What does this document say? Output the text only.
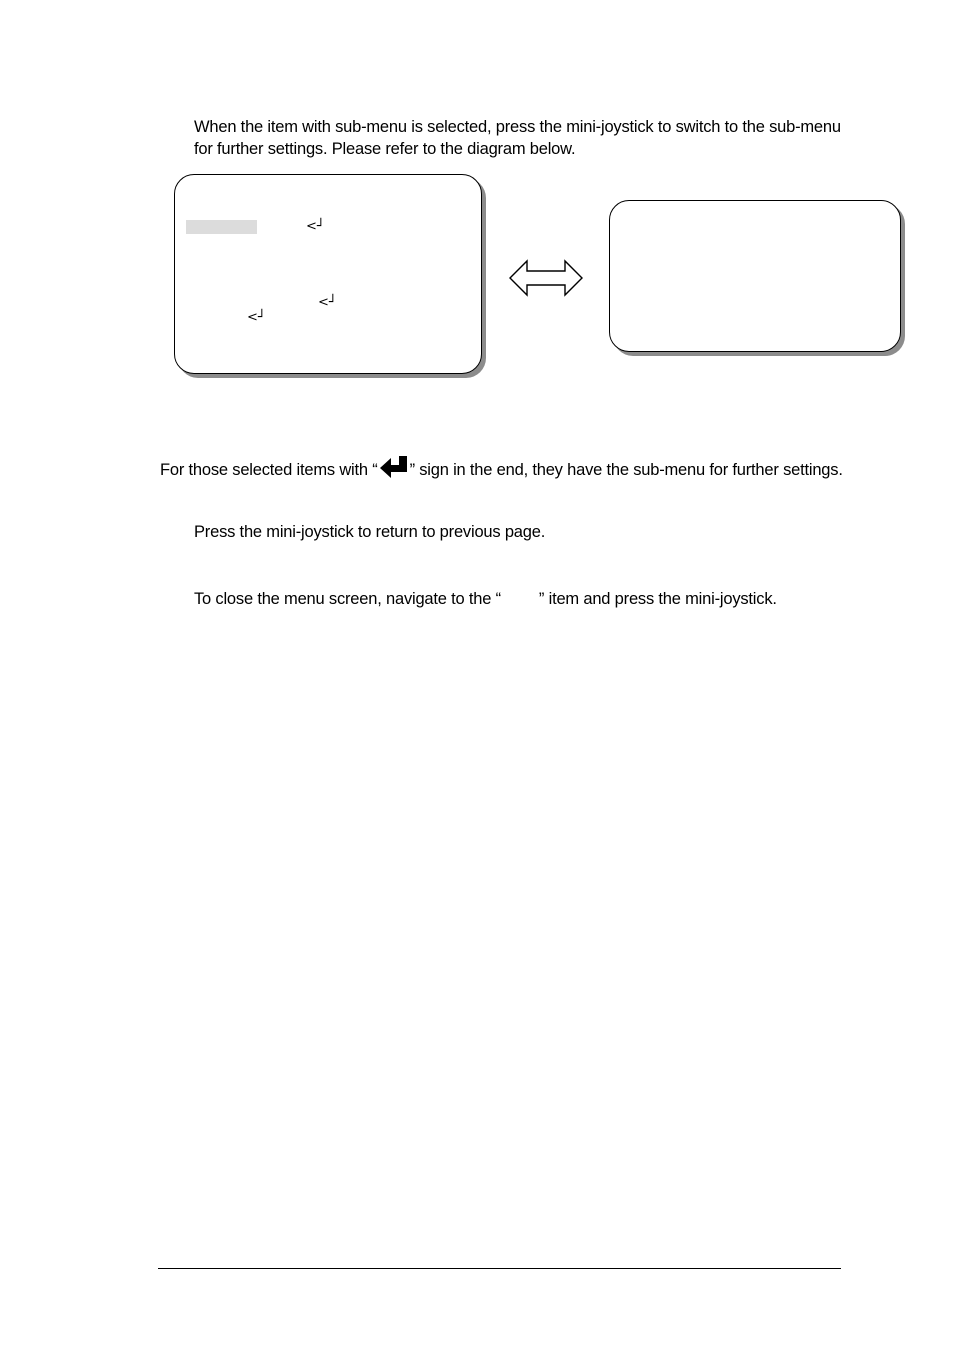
When the item with sub-menu is selected, press the mini-joystick to switch to the sub-menu
for further settings. Please refer to the diagram below.
<┘
<┘
<┘
For those selected items with “ ” sign in the end, they have the sub-menu for further settings.
Press the mini-joystick to return to previous page.
To close the menu screen, navigate to the “ ” item and press the mini-joystick.
